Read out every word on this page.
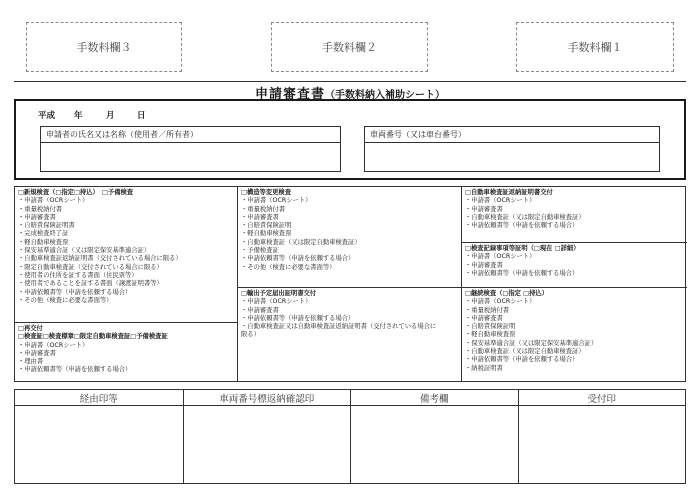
手数料欄３	手数料欄２	手数料欄１
申請審査書（手数料納入補助シート）
平成	年	月	日
申請者の氏名又は名称（使用者／所有者）	車両番号（又は車台番号）
□新規検査（□指定□持込）　□予備検査
・申請書（OCRシート）
・重量税納付書
・申請審査書
・自賠責保険証明書
・完成検査終了証
・軽自動車検査票
・保安基準適合証（又は限定保安基準適合証）
・自動車検査証返納証明書（交付されている場合に限る）
・限定自動車検査証（交付されている場合に限る）
・使用者の住所を証する書面（住民票等）
・使用者であることを証する書面（譲渡証明書等）
・申請依頼書等（申請を依頼する場合）
・その他（検査に必要な書面等）
□再交付
□検査証□検査標章□限定自動車検査証□予備検査証
・申請書（OCRシート）
・申請審査書
・理由書
・申請依頼書等（申請を依頼する場合）
□構造等変更検査
・申請書（OCRシート）
・重量税納付書
・申請審査書
・自賠責保険証明
・軽自動車検査票
・自動車検査証（又は限定自動車検査証）
・予備検査証
・申請依頼書等（申請を依頼する場合）
・その他（検査に必要な書面等）
□輸出予定届出証明書交付
・申請書（OCRシート）
・申請審査書
・申請依頼書等（申請を依頼する場合）
・自動車検査証又は自動車検査証返納証明書（交付されている場合に
限る）
□自動車検査証返納証明書交付
・申請書（OCRシート）
・申請審査書
・自動車検査証（又は限定自動車検査証）
・申請依頼書等（申請を依頼する場合）
□検査記録事項等証明（□現在 □詳細）
・申請書（OCRシート）
・申請審査書
・申請依頼書等（申請を依頼する場合）
□継続検査（□指定 □持込）
・申請書（OCRシート）
・重量税納付書
・申請審査書
・自賠責保険証明
・軽自動車検査票
・保安基準適合証（又は限定保安基準適合証）
・自動車検査証（又は限定自動車検査証）
・申請依頼書等（申請を依頼する場合）
・納税証明書
経由印等	車両番号標返納確認印	備考欄	受付印
